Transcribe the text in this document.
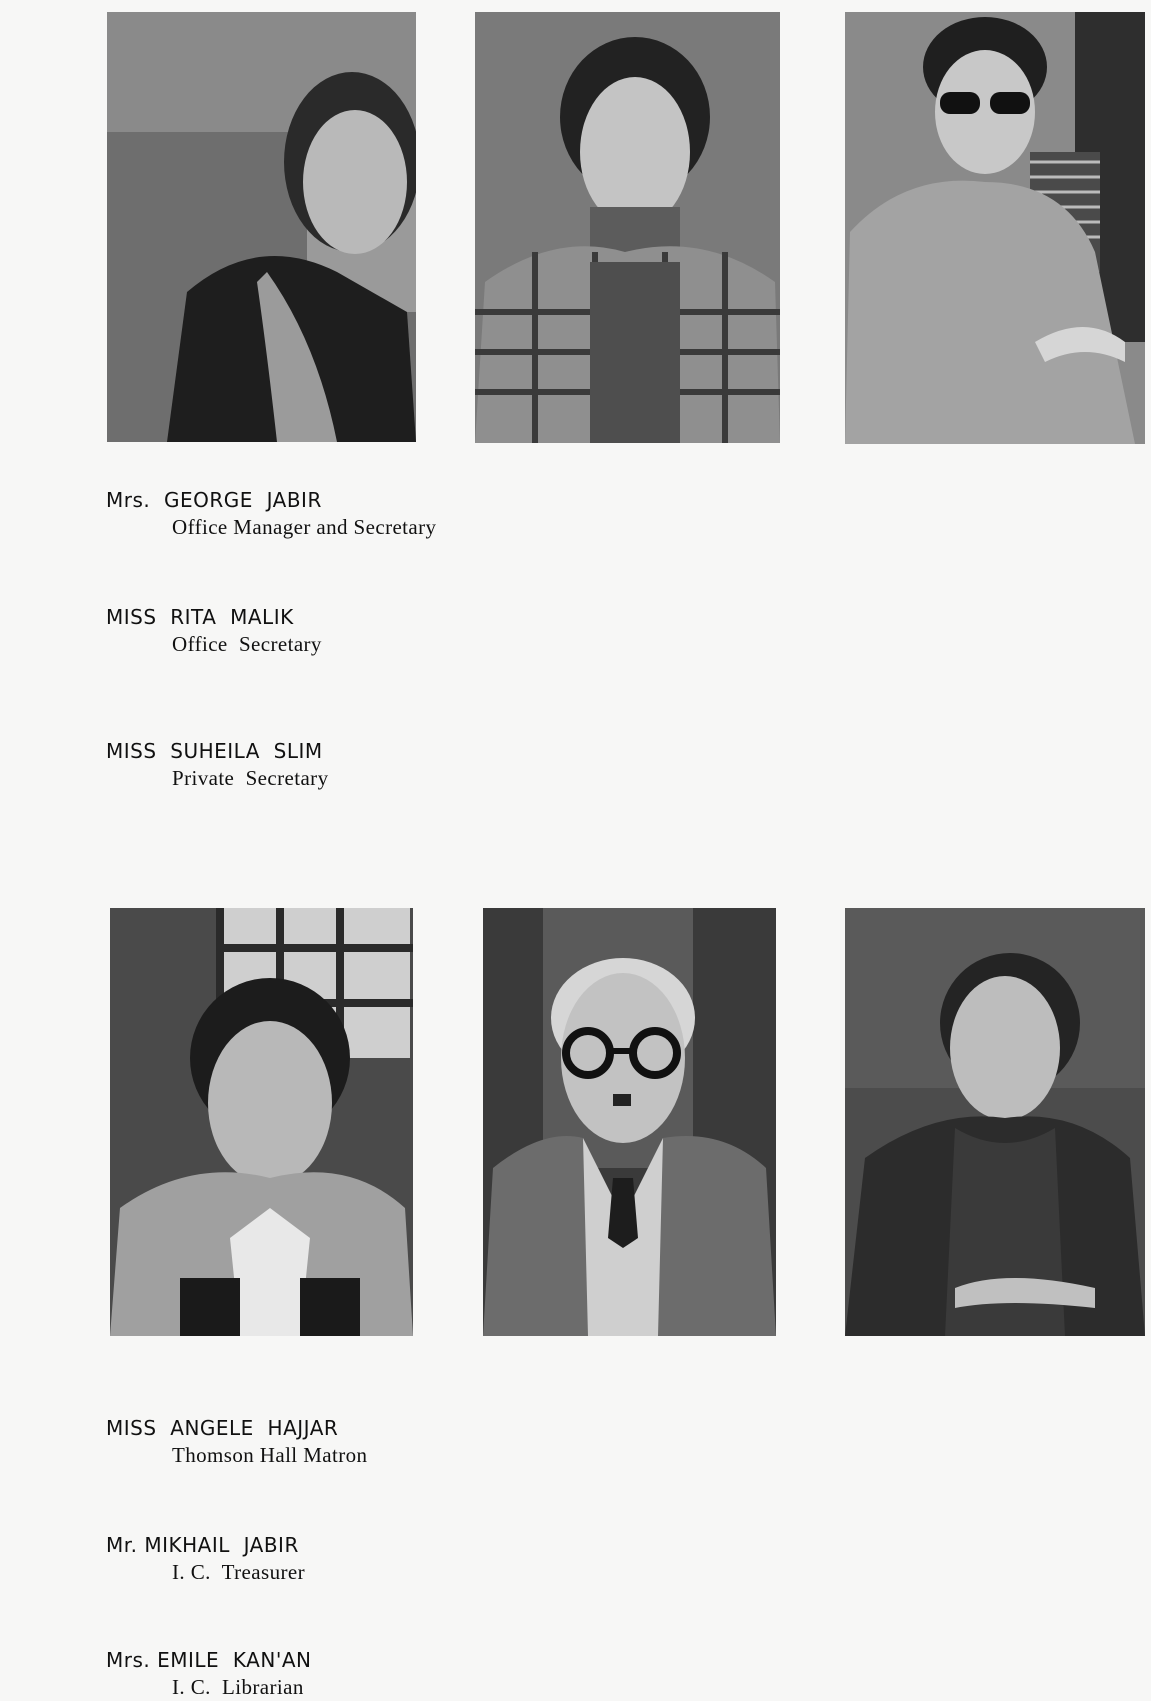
Mrs. GEORGE  JABIR

Office Manager and Secretary

MISS RITA  MALIK

Office  Secretary

MISS SUHEILA  SLIM

Private  Secretary

MISS ANGELE  HAJJAR

Thomson Hall Matron

Mr. MIKHAIL  JABIR

I. C.  Treasurer

Mrs. EMILE  KAN'AN

I. C.  Librarian
